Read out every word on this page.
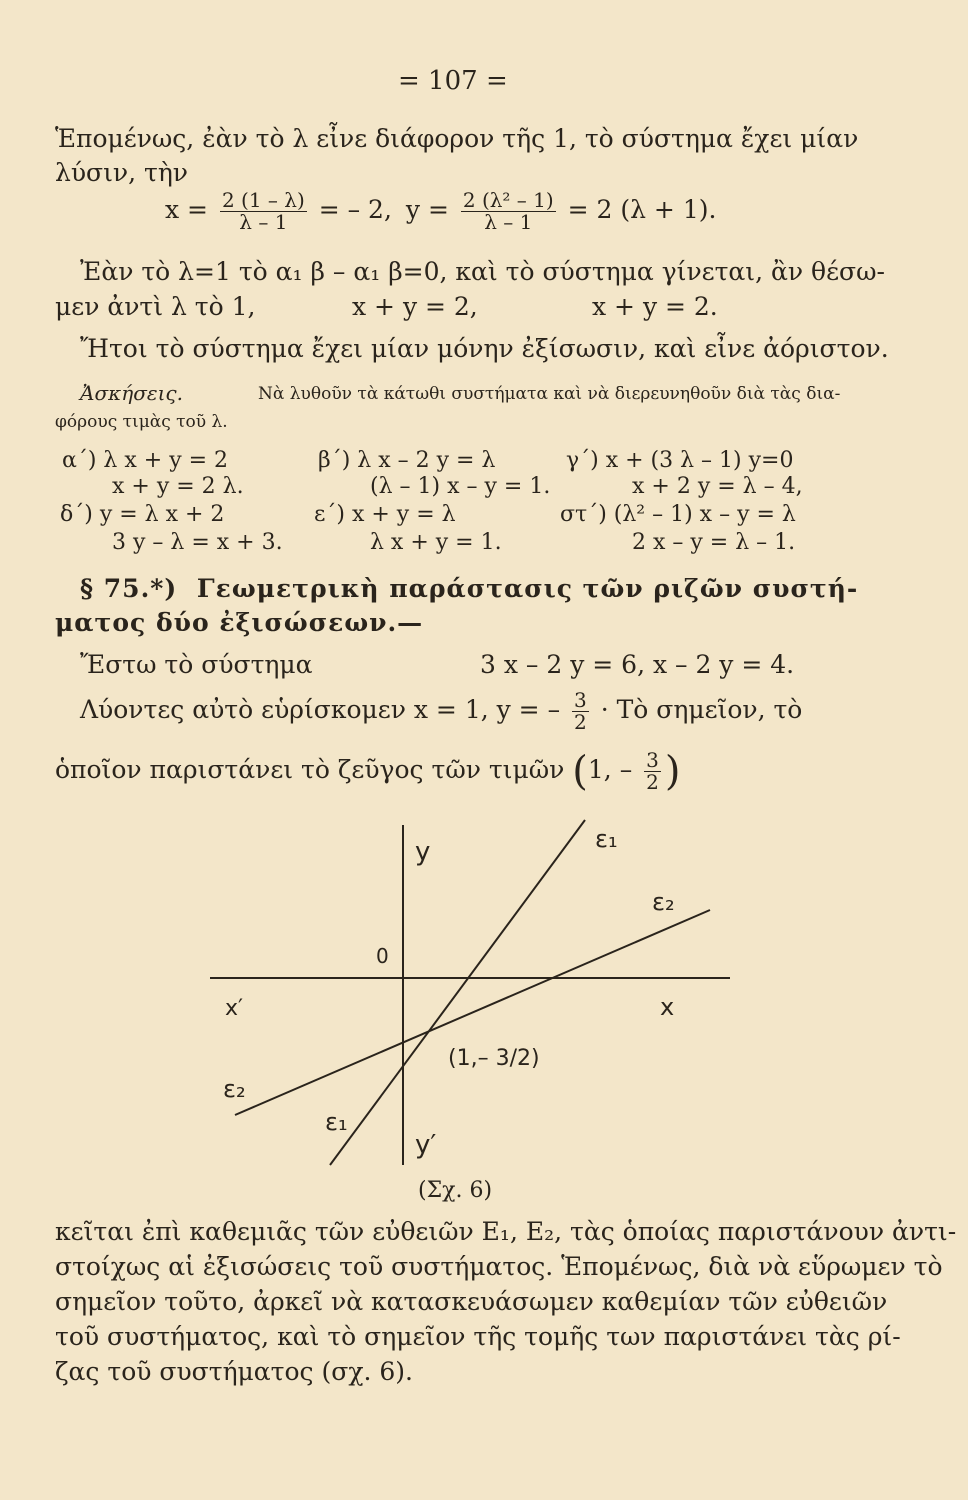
= 107 =
Ἑπομένως, ἐὰν τὸ λ εἶνε διάφορον τῆς 1, τὸ σύστημα ἔχει μίαν
λύσιν, τὴν
$x = \frac{2 (1 - \lambda)}{\lambda - 1}$ = – 2, $y = \frac{\text{2 (λ² – 1)}}{\lambda - 1} = 2$ (λ + 1).
Ἐὰν τὸ λ=1 τὸ α₁ β – α₁ β=0, καὶ τὸ σύστημα γίνεται, ἂν θέσω-
μεν ἀντὶ λ τὸ 1,	x + y = 2,	x + y = 2.
Ἤτοι τὸ σύστημα ἔχει μίαν μόνην ἐξίσωσιν, καὶ εἶνε ἀόριστον.
Ἀσκήσεις.	Νὰ λυθοῦν τὰ κάτωθι συστήματα καὶ νὰ διερευνηθοῦν διὰ τὰς δια-
φόρους τιμὰς τοῦ λ.
α΄) λ x + y = 2	β΄) λ x – 2 y = λ	γ΄) x + (3 λ – 1) y=0
x + y = 2 λ.	(λ – 1) x – y = 1.	x + 2 y = λ – 4,
δ΄) y = λ x + 2	ε΄) x + y = λ	στ΄) (λ² – 1) x – y = λ
3 y – λ = x + 3.	λ x + y = 1.	2 x – y = λ – 1.
§ 75.*) Γεωμετρικὴ παράστασις τῶν ριζῶν συστή-
ματος δύο ἐξισώσεων.—
Ἔστω τὸ σύστημα	3 x – 2 y = 6, x – 2 y = 4.
Λύοντες αὐτὸ εὑρίσκομεν x = 1, y = – $\frac{3}{2}$ · Τὸ σημεῖον, τὸ
ὁποῖον παριστάνει τὸ ζεῦγος τῶν τιμῶν (1, – $\frac{3}{2}$ )
y
y′
x
x′
0
ε₁
ε₂
ε₁
ε₂
(1,– 3/2)
(Σχ. 6)
κεῖται ἐπὶ καθεμιᾶς τῶν εὐθειῶν E₁, E₂, τὰς ὁποίας παριστάνουν ἀντι-
στοίχως αἱ ἐξισώσεις τοῦ συστήματος. Ἑπομένως, διὰ νὰ εὕρωμεν τὸ
σημεῖον τοῦτο, ἀρκεῖ νὰ κατασκευάσωμεν καθεμίαν τῶν εὐθειῶν
τοῦ συστήματος, καὶ τὸ σημεῖον τῆς τομῆς των παριστάνει τὰς ρί-
ζας τοῦ συστήματος (σχ. 6).
